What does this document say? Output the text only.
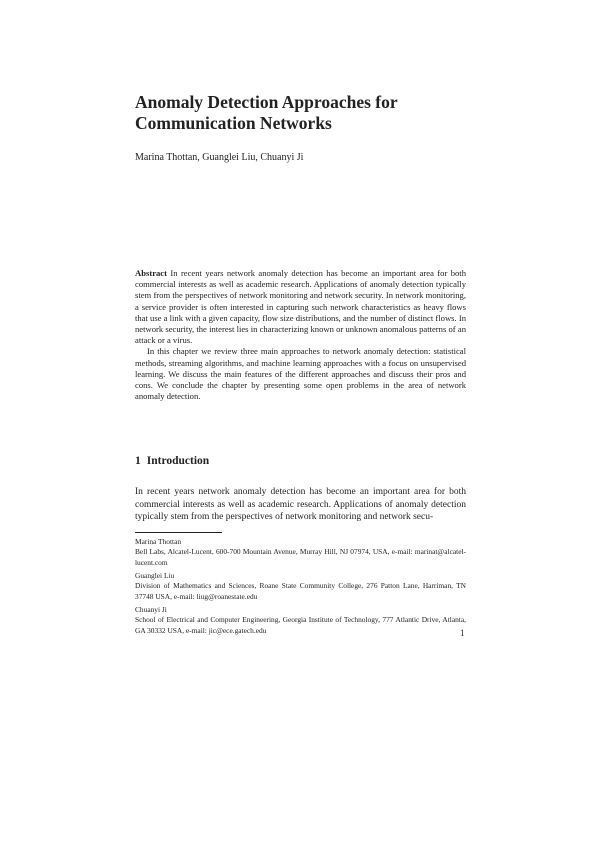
Anomaly Detection Approaches for Communication Networks
Marina Thottan, Guanglei Liu, Chuanyi Ji

Abstract In recent years network anomaly detection has become an important area for both commercial interests as well as academic research. Applications of anomaly detection typically stem from the perspectives of network monitoring and network security. In network monitoring, a service provider is often interested in capturing such network characteristics as heavy flows that use a link with a given capacity, flow size distributions, and the number of distinct flows. In network security, the interest lies in characterizing known or unknown anomalous patterns of an attack or a virus.
In this chapter we review three main approaches to network anomaly detection: statistical methods, streaming algorithms, and machine learning approaches with a focus on unsupervised learning. We discuss the main features of the different approaches and discuss their pros and cons. We conclude the chapter by presenting some open problems in the area of network anomaly detection.

1 Introduction

In recent years network anomaly detection has become an important area for both commercial interests as well as academic research. Applications of anomaly detection typically stem from the perspectives of network monitoring and network secu-

Marina Thottan
Bell Labs, Alcatel-Lucent, 600-700 Mountain Avenue, Murray Hill, NJ 07974, USA, e-mail: marinat@alcatel-lucent.com

Guanglei Liu
Division of Mathematics and Sciences, Roane State Community College, 276 Patton Lane, Harriman, TN 37748 USA, e-mail: liug@roanestate.edu

Chuanyi Ji
School of Electrical and Computer Engineering, Georgia Institute of Technology, 777 Atlantic Drive, Atlanta, GA 30332 USA, e-mail: jic@ece.gatech.edu	1
